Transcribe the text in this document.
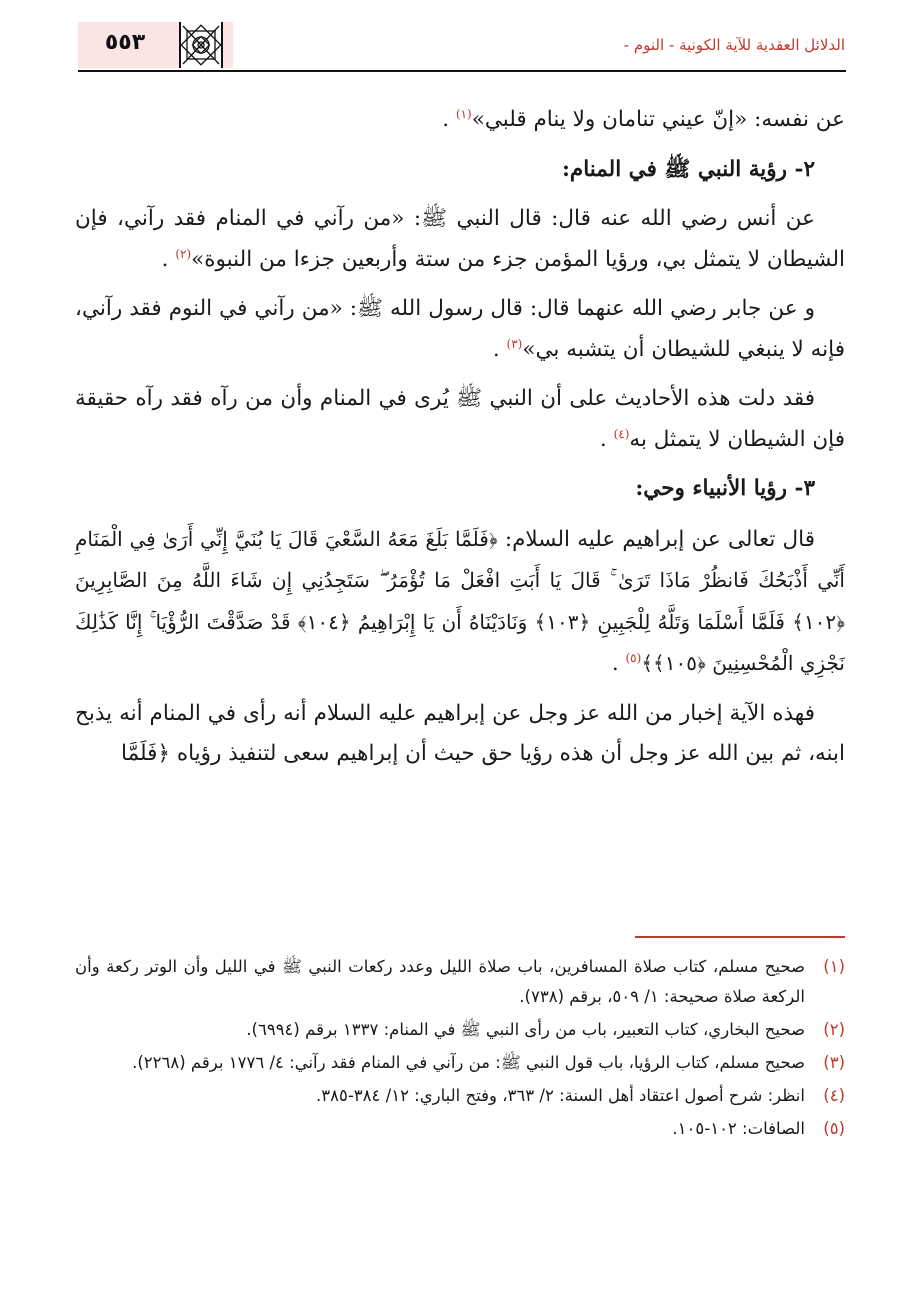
الدلائل العقدية للآية الكونية - النوم -
٥٥٣

عن نفسه: «إنّ عيني تنامان ولا ينام قلبي»$^{(١)}$ .

٢- رؤية النبي ﷺ في المنام:

عن أنس رضي الله عنه قال: قال النبي ﷺ: «من رآني في المنام فقد رآني، فإن الشيطان لا يتمثل بي، ورؤيا المؤمن جزء من ستة وأربعين جزءا من النبوة»$^{(٢)}$ .

و عن جابر رضي الله عنهما قال: قال رسول الله ﷺ: «من رآني في النوم فقد رآني، فإنه لا ينبغي للشيطان أن يتشبه بي»$^{(٣)}$ .

فقد دلت هذه الأحاديث على أن النبي ﷺ يُرى في المنام وأن من رآه فقد رآه حقيقة فإن الشيطان لا يتمثل به$^{(٤)}$ .

٣- رؤيا الأنبياء وحي:

قال تعالى عن إبراهيم عليه السلام: ﴿فَلَمَّا بَلَغَ مَعَهُ السَّعْيَ قَالَ يَا بُنَيَّ إِنِّي أَرَىٰ فِي الْمَنَامِ أَنِّي أَذْبَحُكَ فَانظُرْ مَاذَا تَرَىٰ ۚ قَالَ يَا أَبَتِ افْعَلْ مَا تُؤْمَرُ ۖ سَتَجِدُنِي إِن شَاءَ اللَّهُ مِنَ الصَّابِرِينَ ﴿١٠٢﴾ فَلَمَّا أَسْلَمَا وَتَلَّهُ لِلْجَبِينِ ﴿١٠٣﴾ وَنَادَيْنَاهُ أَن يَا إِبْرَاهِيمُ ﴿١٠٤﴾ قَدْ صَدَّقْتَ الرُّؤْيَا ۚ إِنَّا كَذَٰلِكَ نَجْزِي الْمُحْسِنِينَ ﴿١٠٥﴾﴾$^{(٥)}$ .

فهذه الآية إخبار من الله عز وجل عن إبراهيم عليه السلام أنه رأى في المنام أنه يذبح ابنه، ثم بين الله عز وجل أن هذه رؤيا حق حيث أن إبراهيم سعى لتنفيذ رؤياه ﴿فَلَمَّا

(١)
صحيح مسلم، كتاب صلاة المسافرين، باب صلاة الليل وعدد ركعات النبي ﷺ في الليل وأن الوتر ركعة وأن الركعة صلاة صحيحة: ١/ ٥٠٩، برقم (٧٣٨).
(٢)
صحيح البخاري، كتاب التعبير، باب من رأى النبي ﷺ في المنام: ١٣٣٧ برقم (٦٩٩٤).
(٣)
صحيح مسلم، كتاب الرؤيا، باب قول النبي ﷺ: من رآني في المنام فقد رآني: ٤/ ١٧٧٦ برقم (٢٢٦٨).
(٤)
انظر: شرح أصول اعتقاد أهل السنة: ٢/ ٣٦٣، وفتح الباري: ١٢/ ٣٨٤-٣٨٥.
(٥)
الصافات: ١٠٢-١٠٥.
